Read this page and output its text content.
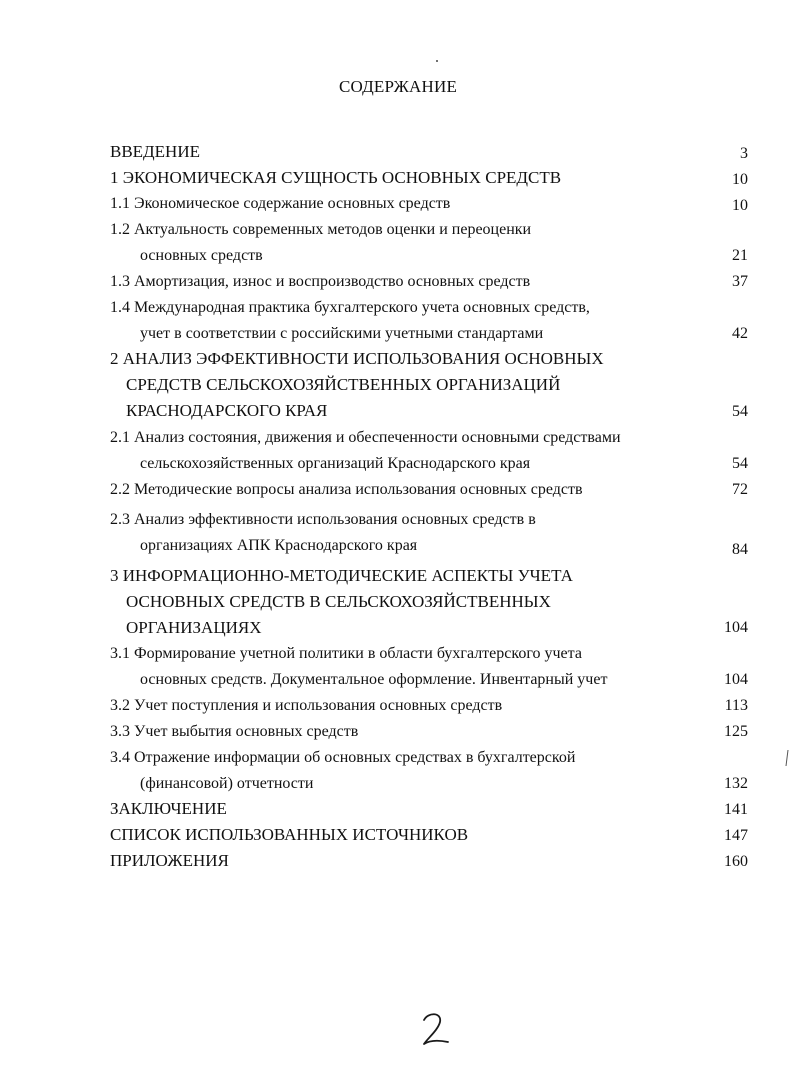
СОДЕРЖАНИЕ
ВВЕДЕНИЕ	3
1 ЭКОНОМИЧЕСКАЯ СУЩНОСТЬ ОСНОВНЫХ СРЕДСТВ	10
1.1 Экономическое содержание основных средств	10
1.2 Актуальность современных методов оценки и переоценки
основных средств	21
1.3 Амортизация, износ и воспроизводство основных средств	37
1.4 Международная практика бухгалтерского учета основных средств,
учет в соответствии с российскими учетными стандартами	42
2 АНАЛИЗ ЭФФЕКТИВНОСТИ ИСПОЛЬЗОВАНИЯ ОСНОВНЫХ
СРЕДСТВ СЕЛЬСКОХОЗЯЙСТВЕННЫХ ОРГАНИЗАЦИЙ
КРАСНОДАРСКОГО КРАЯ	54
2.1 Анализ состояния, движения и обеспеченности основными средствами
сельскохозяйственных организаций Краснодарского края	54
2.2 Методические вопросы анализа использования основных средств	72
2.3 Анализ эффективности использования основных средств в
организациях АПК Краснодарского края	84
3 ИНФОРМАЦИОННО-МЕТОДИЧЕСКИЕ АСПЕКТЫ УЧЕТА
ОСНОВНЫХ СРЕДСТВ В СЕЛЬСКОХОЗЯЙСТВЕННЫХ
ОРГАНИЗАЦИЯХ	104
3.1 Формирование учетной политики в области бухгалтерского учета
основных средств. Документальное оформление. Инвентарный учет	104
3.2 Учет поступления и использования основных средств	113
3.3 Учет выбытия основных средств	125
3.4 Отражение информации об основных средствах в бухгалтерской
(финансовой) отчетности	132
ЗАКЛЮЧЕНИЕ	141
СПИСОК ИСПОЛЬЗОВАННЫХ ИСТОЧНИКОВ	147
ПРИЛОЖЕНИЯ	160
